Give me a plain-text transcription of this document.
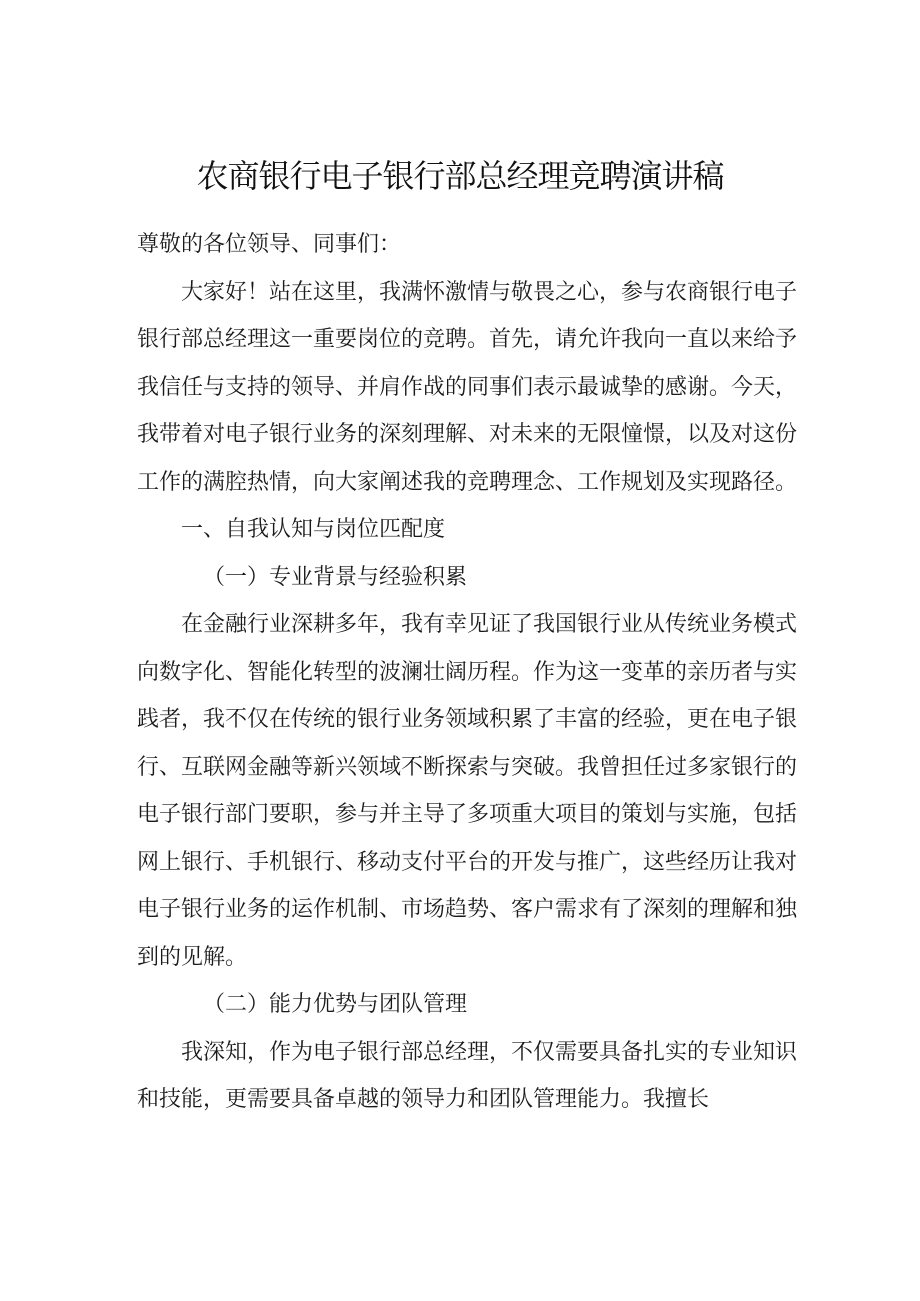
农商银行电子银行部总经理竞聘演讲稿

尊敬的各位领导、同事们：

大家好！站在这里，我满怀激情与敬畏之心，参与农商银行电子银行部总经理这一重要岗位的竞聘。首先，请允许我向一直以来给予我信任与支持的领导、并肩作战的同事们表示最诚挚的感谢。今天，我带着对电子银行业务的深刻理解、对未来的无限憧憬，以及对这份工作的满腔热情，向大家阐述我的竞聘理念、工作规划及实现路径。

一、自我认知与岗位匹配度

（一）专业背景与经验积累

在金融行业深耕多年，我有幸见证了我国银行业从传统业务模式向数字化、智能化转型的波澜壮阔历程。作为这一变革的亲历者与实践者，我不仅在传统的银行业务领域积累了丰富的经验，更在电子银行、互联网金融等新兴领域不断探索与突破。我曾担任过多家银行的电子银行部门要职，参与并主导了多项重大项目的策划与实施，包括网上银行、手机银行、移动支付平台的开发与推广，这些经历让我对电子银行业务的运作机制、市场趋势、客户需求有了深刻的理解和独到的见解。

（二）能力优势与团队管理

我深知，作为电子银行部总经理，不仅需要具备扎实的专业知识和技能，更需要具备卓越的领导力和团队管理能力。我擅长
